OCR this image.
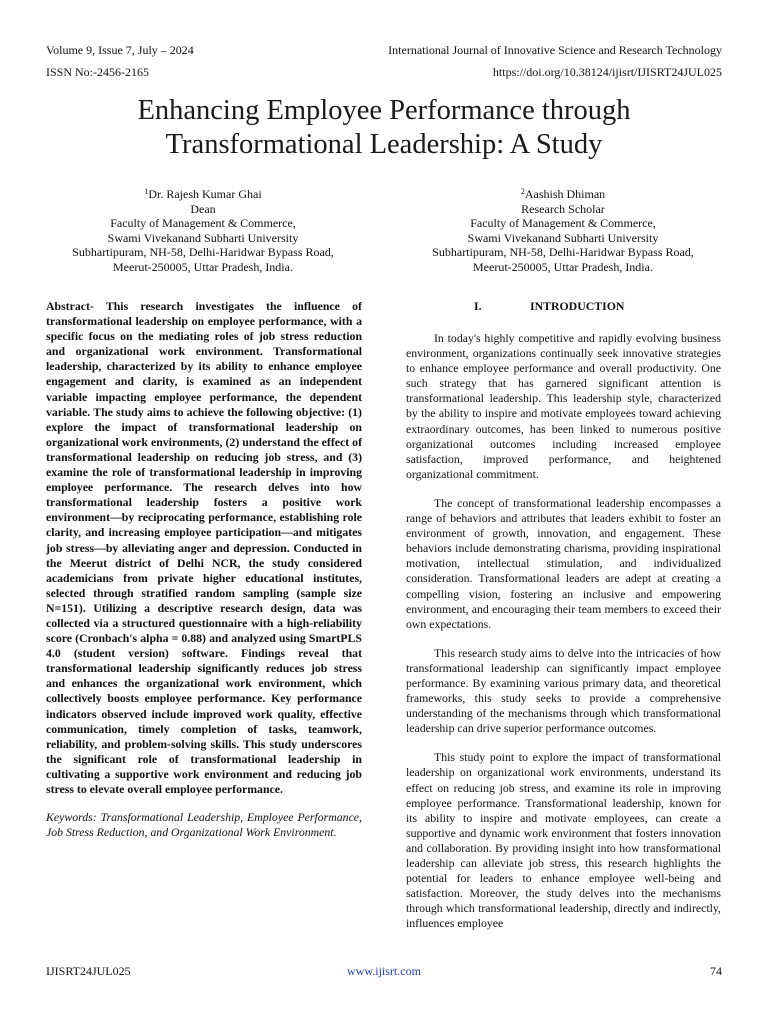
Volume 9, Issue 7, July – 2024	International Journal of Innovative Science and Research Technology
ISSN No:-2456-2165	https://doi.org/10.38124/ijisrt/IJISRT24JUL025
Enhancing Employee Performance through
Transformational Leadership: A Study
$^1$Dr. Rajesh Kumar Ghai
Dean
Faculty of Management & Commerce,
Swami Vivekanand Subharti University
Subhartipuram, NH-58, Delhi-Haridwar Bypass Road,
Meerut-250005, Uttar Pradesh, India.
$^2$Aashish Dhiman
Research Scholar
Faculty of Management & Commerce,
Swami Vivekanand Subharti University
Subhartipuram, NH-58, Delhi-Haridwar Bypass Road,
Meerut-250005, Uttar Pradesh, India.

Abstract- This research investigates the influence of transformational leadership on employee performance, with a specific focus on the mediating roles of job stress reduction and organizational work environment. Transformational leadership, characterized by its ability to enhance employee engagement and clarity, is examined as an independent variable impacting employee performance, the dependent variable. The study aims to achieve the following objective: (1) explore the impact of transformational leadership on organizational work environments, (2) understand the effect of transformational leadership on reducing job stress, and (3) examine the role of transformational leadership in improving employee performance. The research delves into how transformational leadership fosters a positive work environment—by reciprocating performance, establishing role clarity, and increasing employee participation—and mitigates job stress—by alleviating anger and depression. Conducted in the Meerut district of Delhi NCR, the study considered academicians from private higher educational institutes, selected through stratified random sampling (sample size N=151). Utilizing a descriptive research design, data was collected via a structured questionnaire with a high-reliability score (Cronbach's alpha = 0.88) and analyzed using SmartPLS 4.0 (student version) software. Findings reveal that transformational leadership significantly reduces job stress and enhances the organizational work environment, which collectively boosts employee performance. Key performance indicators observed include improved work quality, effective communication, timely completion of tasks, teamwork, reliability, and problem-solving skills. This study underscores the significant role of transformational leadership in cultivating a supportive work environment and reducing job stress to elevate overall employee performance.

Keywords: Transformational Leadership, Employee Performance, Job Stress Reduction, and Organizational Work Environment.

I.	INTRODUCTION

In today's highly competitive and rapidly evolving business environment, organizations continually seek innovative strategies to enhance employee performance and overall productivity. One such strategy that has garnered significant attention is transformational leadership. This leadership style, characterized by the ability to inspire and motivate employees toward achieving extraordinary outcomes, has been linked to numerous positive organizational outcomes including increased employee satisfaction, improved performance, and heightened organizational commitment.

The concept of transformational leadership encompasses a range of behaviors and attributes that leaders exhibit to foster an environment of growth, innovation, and engagement. These behaviors include demonstrating charisma, providing inspirational motivation, intellectual stimulation, and individualized consideration. Transformational leaders are adept at creating a compelling vision, fostering an inclusive and empowering environment, and encouraging their team members to exceed their own expectations.

This research study aims to delve into the intricacies of how transformational leadership can significantly impact employee performance. By examining various primary data, and theoretical frameworks, this study seeks to provide a comprehensive understanding of the mechanisms through which transformational leadership can drive superior performance outcomes.

This study point to explore the impact of transformational leadership on organizational work environments, understand its effect on reducing job stress, and examine its role in improving employee performance. Transformational leadership, known for its ability to inspire and motivate employees, can create a supportive and dynamic work environment that fosters innovation and collaboration. By providing insight into how transformational leadership can alleviate job stress, this research highlights the potential for leaders to enhance employee well-being and satisfaction. Moreover, the study delves into the mechanisms through which transformational leadership, directly and indirectly, influences employee

IJISRT24JUL025	www.ijisrt.com	74
